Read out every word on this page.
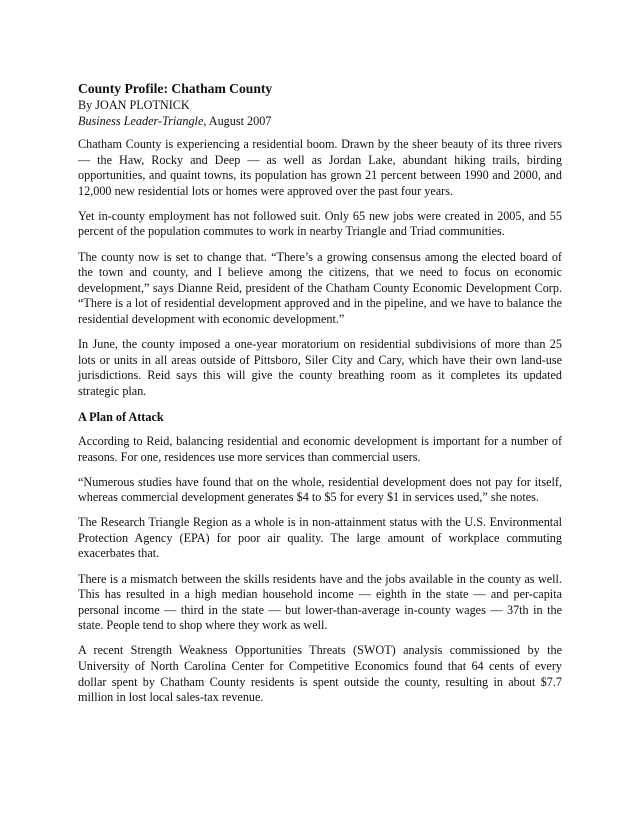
County Profile: Chatham County
By JOAN PLOTNICK
Business Leader-Triangle, August 2007

Chatham County is experiencing a residential boom. Drawn by the sheer beauty of its three rivers — the Haw, Rocky and Deep — as well as Jordan Lake, abundant hiking trails, birding opportunities, and quaint towns, its population has grown 21 percent between 1990 and 2000, and 12,000 new residential lots or homes were approved over the past four years.

Yet in-county employment has not followed suit. Only 65 new jobs were created in 2005, and 55 percent of the population commutes to work in nearby Triangle and Triad communities.

The county now is set to change that. “There’s a growing consensus among the elected board of the town and county, and I believe among the citizens, that we need to focus on economic development,” says Dianne Reid, president of the Chatham County Economic Development Corp. “There is a lot of residential development approved and in the pipeline, and we have to balance the residential development with economic development.”

In June, the county imposed a one-year moratorium on residential subdivisions of more than 25 lots or units in all areas outside of Pittsboro, Siler City and Cary, which have their own land-use jurisdictions. Reid says this will give the county breathing room as it completes its updated strategic plan.

A Plan of Attack

According to Reid, balancing residential and economic development is important for a number of reasons. For one, residences use more services than commercial users.

“Numerous studies have found that on the whole, residential development does not pay for itself, whereas commercial development generates $4 to $5 for every $1 in services used,” she notes.

The Research Triangle Region as a whole is in non-attainment status with the U.S. Environmental Protection Agency (EPA) for poor air quality. The large amount of workplace commuting exacerbates that.

There is a mismatch between the skills residents have and the jobs available in the county as well. This has resulted in a high median household income — eighth in the state — and per-capita personal income — third in the state — but lower-than-average in-county wages — 37th in the state. People tend to shop where they work as well.

A recent Strength Weakness Opportunities Threats (SWOT) analysis commissioned by the University of North Carolina Center for Competitive Economics found that 64 cents of every dollar spent by Chatham County residents is spent outside the county, resulting in about $7.7 million in lost local sales-tax revenue.
